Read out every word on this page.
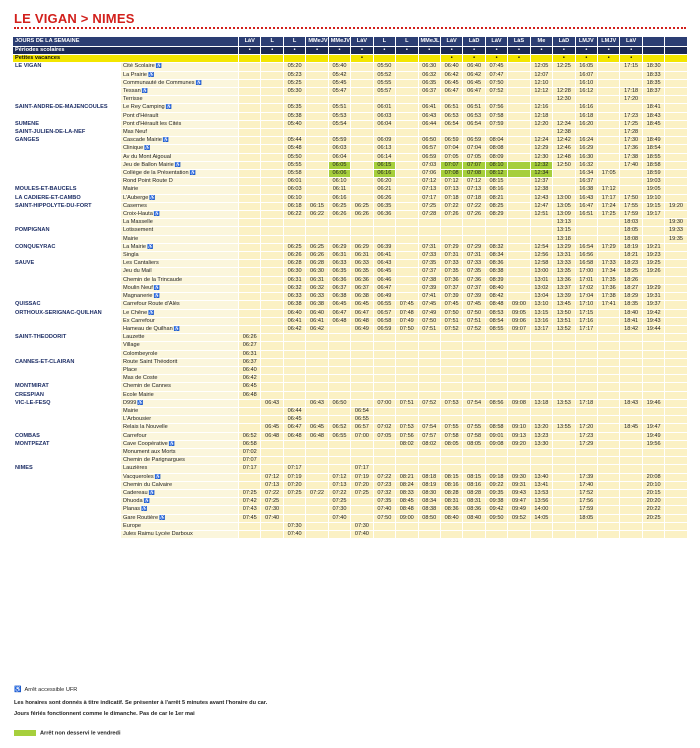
LE VIGAN > NIMES
JOURS DE LA SEMAINE		LàV	L	L	MMeJV	MMeJV	LàV	L	L	MMeJL	LàV	LàD	LàV	LàS	Me	LàD	LMJV	LMJV	LàV		
Périodes scolaires		•	•	•	•	•	•	•	•	•	•	•	•	•	•	•	•	•	•		
Petites vacances							•				•	•	•	•		•	•	•	•		
LE VIGAN	Cité Scolaire♿			05:20		05:40		05:50		06:30	06:40	06:40	07:45		12:05	12:25	16:05		17:15	18:30	
	La Prairie♿			05:23		05:42		05:52		06:32	06:42	06:42	07:47		12:07		16:07			18:33	
	Communauté de Communes♿			05:25		05:45		05:55		06:35	06:45	06:45	07:50		12:10		16:10			18:35	
	Tessan♿			05:30		05:47		05:57		06:37	06:47	06:47	07:52		12:12	12:28	16:12		17:18	18:37	
	Terrisse															12:30			17:20		
SAINT-ANDRÉ-DE-MAJENCOULES	Le Rey Camping♿			05:35		05:51		06:01		06:41	06:51	06:51	07:56		12:16		16:16			18:41	
	Pont d'Hérault			05:38		05:53		06:03		06:43	06:53	06:53	07:58		12:18		16:18		17:23	18:43	
SUMÈNE	Pont d'Hérault les Cités			05:40		05:54		06:04		06:44	06:54	06:54	07:59		12:20	12:34	16:20		17:25	18:45	
SAINT-JULIEN-DE-LA-NEF	Mas Neuf															12:38			17:28		
GANGES	Cascade Mairie♿			05:44		05:59		06:09		06:50	06:59	06:59	08:04		12:24	12:42	16:24		17:30	18:49	
	Clinique♿			05:48		06:03		06:13		06:57	07:04	07:04	08:08		12:29	12:46	16:29		17:36	18:54	
	Av du Mont Aigoual			05:50		06:04		06:14		06:59	07:05	07:05	08:09		12:30	12:48	16:30		17:38	18:55	
	Jeu de Ballon Mairie♿			05:55		06:05		06:15		07:03	07:07	07:07	08:10		12:32	12:50	16:32		17:40	18:58	
	Collège de la Présentation♿			05:58		06:06		06:16		07:06	07:08	07:08	08:12		12:34		16:34	17:05		18:59	
	Rond Point Route D			06:01		06:10		06:20		07:12	07:12	07:12	08:15		12:37		16:37			19:03	
MOULÈS-ET-BAUCELS	Mairie			06:03		06:11		06:21		07:13	07:13	07:13	08:16		12:38		16:38	17:12		19:05	
LA CADIÈRE-ET-CAMBO	L'Auberge♿			06:10		06:16		06:26		07:17	07:18	07:18	08:21		12:43	13:00	16:43	17:17	17:50	19:10	
SAINT-HIPPOLYTE-DU-FORT	Casernes			06:18	06:15	06:25	06:25	06:35		07:25	07:22	07:22	08:25		12:47	13:05	16:47	17:24	17:55	19:15	19:20
	Croix-Hauta♿			06:22	06:22	06:26	06:26	06:36		07:28	07:26	07:26	08:29		12:51	13:09	16:51	17:25	17:59	19:17	
	La Masselle															13:13			18:03		19:30
POMPIGNAN	Lotissement															13:15			18:05		19:33
	Mairie															13:18			18:08		19:35
CONQUEYRAC	La Mairie♿			06:25	06:25	06:29	06:29	06:39		07:31	07:29	07:29	08:32		12:54	13:29	16:54	17:29	18:19	19:21	
	Singla			06:26	06:26	06:31	06:31	06:41		07:33	07:31	07:31	08:34		12:56	13:31	16:56		18:21	19:23	
SAUVE	Les Cantaliers			06:28	06:28	06:33	06:33	06:43		07:35	07:33	07:33	08:36		12:58	13:33	16:58	17:33	18:23	19:25	
	Jeu du Mail			06:30	06:30	06:35	06:35	06:45		07:37	07:35	07:35	08:38		13:00	13:35	17:00	17:34	18:25	19:26	
	Chemin de la Trincaude			06:31	06:31	06:36	06:36	06:46		07:38	07:36	07:36	08:39		13:01	13:36	17:01	17:35	18:26		
	Moulin Neuf♿			06:32	06:32	06:37	06:37	06:47		07:39	07:37	07:37	08:40		13:02	13:37	17:02	17:36	18:27	19:29	
	Magnanerie♿			06:33	06:33	06:38	06:38	06:49		07:41	07:39	07:39	08:42		13:04	13:39	17:04	17:38	18:29	19:31	
QUISSAC	Carrefour Route d'Alès			06:38	06:38	06:45	06:45	06:55	07:45	07:45	07:45	07:45	08:48	09:00	13:10	13:45	17:10	17:41	18:35	19:37	
ORTHOUX-SÉRIGNAC-QUILHAN	Le Chêne♿			06:40	06:40	06:47	06:47	06:57	07:48	07:49	07:50	07:50	08:53	09:05	13:15	13:50	17:15		18:40	19:42	
	Ex Carrefour			06:41	06:41	06:48	06:48	06:58	07:49	07:50	07:51	07:51	08:54	09:06	13:16	13:51	17:16		18:41	19:43	
	Hameau de Quilhan♿			06:42	06:42		06:49	06:59	07:50	07:51	07:52	07:52	08:55	09:07	13:17	13:52	17:17		18:42	19:44	
SAINT-THÉODORIT	Lauzette	06:26																			
	Village	06:27																			
	Colombeyrole	06:31																			
CANNES-ET-CLAIRAN	Route Saint Théodorit	06:37																			
	Place	06:40																			
	Mas de Coste	06:42																			
MONTMIRAT	Chemin de Cannes	06:45																			
CRESPIAN	Ecole Mairie	06:48																			
VIC-LE-FESQ	D999♿		06:43		06:43	06:50		07:00	07:51	07:52	07:53	07:54	08:56	09:08	13:18	13:53	17:18		18:43	19:46	
	Mairie			06:44			06:54														
	L'Arbousier			06:45			06:55														
	Relais la Nouvelle		06:45	06:47	06:45	06:52	06:57	07:02	07:53	07:54	07:55	07:55	08:58	09:10	13:20	13:55	17:20		18:45	19:47	
COMBAS	Carrefour	06:52	06:48	06:48	06:48	06:55	07:00	07:05	07:56	07:57	07:58	07:58	09:01	09:13	13:23		17:23			19:49	
MONTPEZAT	Cave Coopérative♿	06:58							08:02	08:02	08:05	08:05	09:08	09:20	13:30		17:29			19:56	
	Monument aux Morts	07:02																			
	Chemin de Parignargues	07:07																			
NÎMES	Lauzières	07:17		07:17			07:17														
	Vacqueroles♿		07:12	07:19		07:12	07:19	07:22	08:21	08:18	08:15	08:15	09:18	09:30	13:40		17:39			20:08	
	Chemin du Calvaire		07:13	07:20		07:13	07:20	07:23	08:24	08:19	08:16	08:16	09:22	09:31	13:41		17:40			20:10	
	Cadereau♿	07:25	07:22	07:25	07:22	07:22	07:25	07:32	08:33	08:30	08:28	08:28	09:35	09:43	13:53		17:52			20:15	
	Dhuoda♿	07:42	07:25			07:25		07:35	08:45	08:34	08:31	08:31	09:38	09:47	13:56		17:56			20:20	
	Planas♿	07:43	07:30			07:30		07:40	08:48	08:38	08:36	08:36	09:42	09:49	14:00		17:59			20:22	
	Gare Routière♿	07:45	07:40			07:40		07:50	09:00	08:50	08:40	08:40	09:50	09:52	14:05		18:05			20:25	
	Europe			07:30			07:30														
	Jules Raimu Lycée Darboux			07:40			07:40														
♿ Arrêt accessible UFR
Les horaires sont donnés à titre indicatif. Se présenter à l'arrêt 5 minutes avant l'horaire du car.
Jours fériés fonctionnent comme le dimanche. Pas de car le 1er mai
Arrêt non desservi le vendredi
